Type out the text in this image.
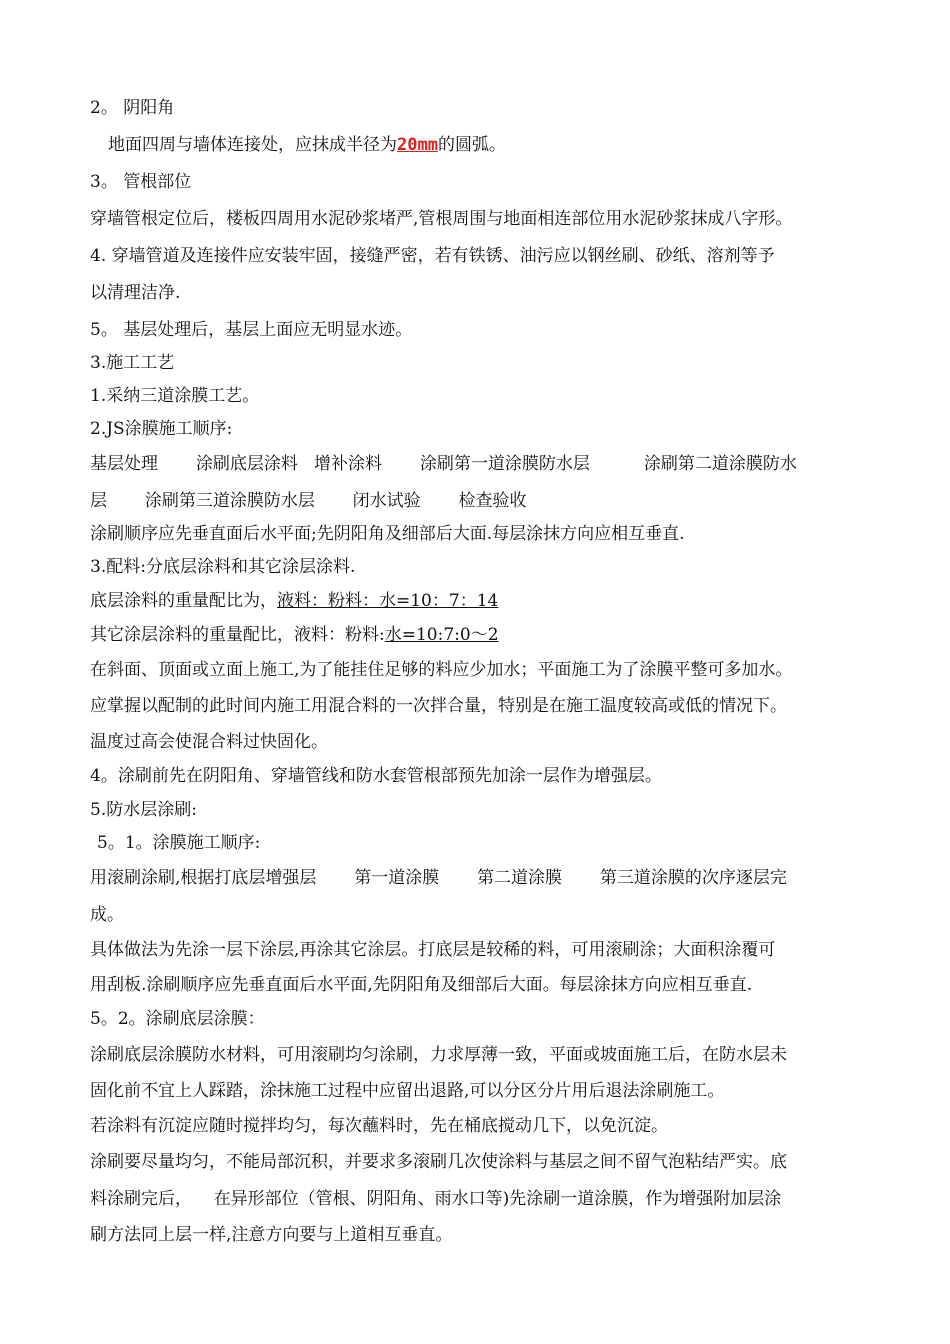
2。 阴阳角
地面四周与墙体连接处，应抹成半径为20mm的圆弧。
3。 管根部位
穿墙管根定位后，楼板四周用水泥砂浆堵严,管根周围与地面相连部位用水泥砂浆抹成八字形。
4. 穿墙管道及连接件应安装牢固，接缝严密，若有铁锈、油污应以钢丝刷、砂纸、溶剂等予
以清理洁净.
5。 基层处理后，基层上面应无明显水迹。
3.施工工艺
1.采纳三道涂膜工艺。
2.JS涂膜施工顺序:
基层处理       涂刷底层涂料   增补涂料       涂刷第一道涂膜防水层          涂刷第二道涂膜防水
层       涂刷第三道涂膜防水层       闭水试验       检查验收
涂刷顺序应先垂直面后水平面;先阴阳角及细部后大面.每层涂抹方向应相互垂直.
3.配料:分底层涂料和其它涂层涂料.
底层涂料的重量配比为，液料：粉料：水=10：7：14
其它涂层涂料的重量配比，液料：粉料:水=10:7:0～2
在斜面、顶面或立面上施工,为了能挂住足够的料应少加水；平面施工为了涂膜平整可多加水。
应掌握以配制的此时间内施工用混合料的一次拌合量，特别是在施工温度较高或低的情况下。
温度过高会使混合料过快固化。
4。涂刷前先在阴阳角、穿墙管线和防水套管根部预先加涂一层作为增强层。
5.防水层涂刷:
5。1。涂膜施工顺序:
用滚刷涂刷,根据打底层增强层       第一道涂膜       第二道涂膜       第三道涂膜的次序逐层完
成。
具体做法为先涂一层下涂层,再涂其它涂层。打底层是较稀的料，可用滚刷涂；大面积涂覆可
用刮板.涂刷顺序应先垂直面后水平面,先阴阳角及细部后大面。每层涂抹方向应相互垂直.
5。2。涂刷底层涂膜：
涂刷底层涂膜防水材料，可用滚刷均匀涂刷，力求厚薄一致，平面或坡面施工后，在防水层未
固化前不宜上人踩踏，涂抹施工过程中应留出退路,可以分区分片用后退法涂刷施工。
若涂料有沉淀应随时搅拌均匀，每次蘸料时，先在桶底搅动几下，以免沉淀。
涂刷要尽量均匀，不能局部沉积，并要求多滚刷几次使涂料与基层之间不留气泡粘结严实。底
料涂刷完后，    在异形部位（管根、阴阳角、雨水口等)先涂刷一道涂膜，作为增强附加层涂
刷方法同上层一样,注意方向要与上道相互垂直。
